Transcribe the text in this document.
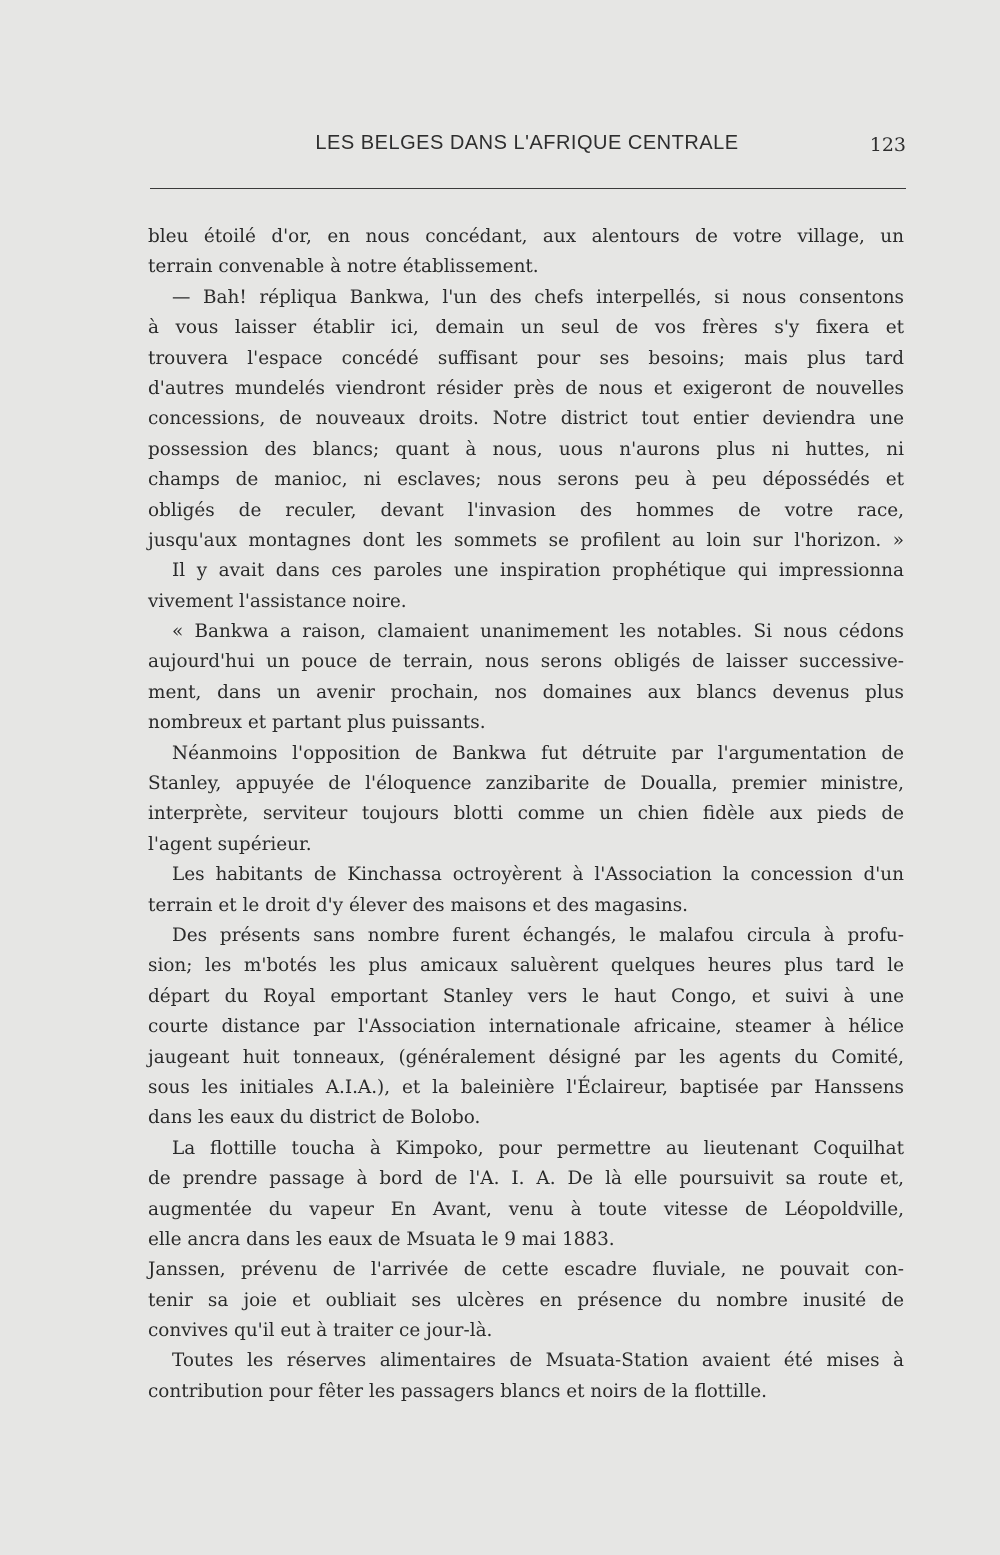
LES BELGES DANS L'AFRIQUE CENTRALE	123
bleu étoilé d'or, en nous concédant, aux alentours de votre village, un
terrain convenable à notre établissement.
— Bah! répliqua Bankwa, l'un des chefs interpellés, si nous consentons
à vous laisser établir ici, demain un seul de vos frères s'y fixera et
trouvera l'espace concédé suffisant pour ses besoins; mais plus tard
d'autres mundelés viendront résider près de nous et exigeront de nouvelles
concessions, de nouveaux droits. Notre district tout entier deviendra une
possession des blancs; quant à nous, uous n'aurons plus ni huttes, ni
champs de manioc, ni esclaves; nous serons peu à peu dépossédés et
obligés de reculer, devant l'invasion des hommes de votre race,
jusqu'aux montagnes dont les sommets se profilent au loin sur l'horizon. »
Il y avait dans ces paroles une inspiration prophétique qui impressionna
vivement l'assistance noire.
« Bankwa a raison, clamaient unanimement les notables. Si nous cédons
aujourd'hui un pouce de terrain, nous serons obligés de laisser successive-
ment, dans un avenir prochain, nos domaines aux blancs devenus plus
nombreux et partant plus puissants.
Néanmoins l'opposition de Bankwa fut détruite par l'argumentation de
Stanley, appuyée de l'éloquence zanzibarite de Doualla, premier ministre,
interprète, serviteur toujours blotti comme un chien fidèle aux pieds de
l'agent supérieur.
Les habitants de Kinchassa octroyèrent à l'Association la concession d'un
terrain et le droit d'y élever des maisons et des magasins.
Des présents sans nombre furent échangés, le malafou circula à profu-
sion; les m'botés les plus amicaux saluèrent quelques heures plus tard le
départ du Royal emportant Stanley vers le haut Congo, et suivi à une
courte distance par l'Association internationale africaine, steamer à hélice
jaugeant huit tonneaux, (généralement désigné par les agents du Comité,
sous les initiales A.I.A.), et la baleinière l'Éclaireur, baptisée par Hanssens
dans les eaux du district de Bolobo.
La flottille toucha à Kimpoko, pour permettre au lieutenant Coquilhat
de prendre passage à bord de l'A. I. A. De là elle poursuivit sa route et,
augmentée du vapeur En Avant, venu à toute vitesse de Léopoldville,
elle ancra dans les eaux de Msuata le 9 mai 1883.
Janssen, prévenu de l'arrivée de cette escadre fluviale, ne pouvait con-
tenir sa joie et oubliait ses ulcères en présence du nombre inusité de
convives qu'il eut à traiter ce jour-là.
Toutes les réserves alimentaires de Msuata-Station avaient été mises à
contribution pour fêter les passagers blancs et noirs de la flottille.
